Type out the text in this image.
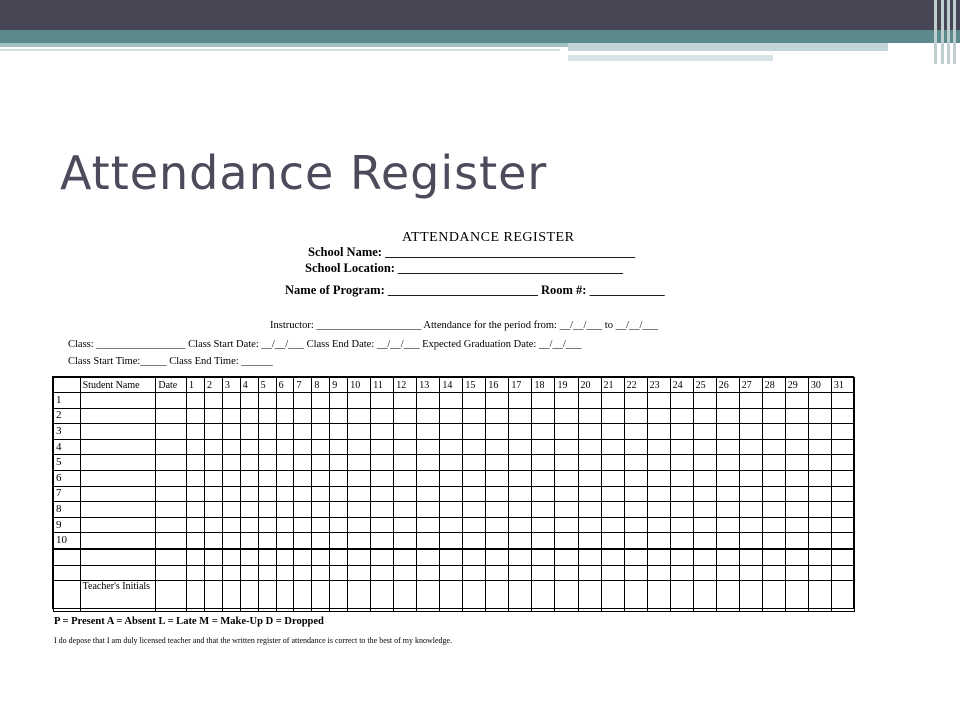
Attendance Register
ATTENDANCE REGISTER
School Name: ________________________________________
School Location: ____________________________________
Name of Program: ________________________ Room #: ____________
Instructor: ____________________ Attendance for the period from: __/__/___ to __/__/___
Class: _________________ Class Start Date: __/__/___ Class End Date: __/__/___ Expected Graduation Date: __/__/___
Class Start Time:_____ Class End Time: ______
	Student Name	Date	1	2	3	4	5	6	7	8	9	10	11	12	13	14	15	16	17	18	19	20	21	22	23	24	25	26	27	28	29	30	31
1																																	
2																																	
3																																	
4																																	
5																																	
6																																	
7																																	
8																																	
9																																	
10																																	

	Teacher's Initials																																
P = Present A = Absent L = Late M = Make-Up D = Dropped
I do depose that I am duly licensed teacher and that the written register of attendance is correct to the best of my knowledge.
